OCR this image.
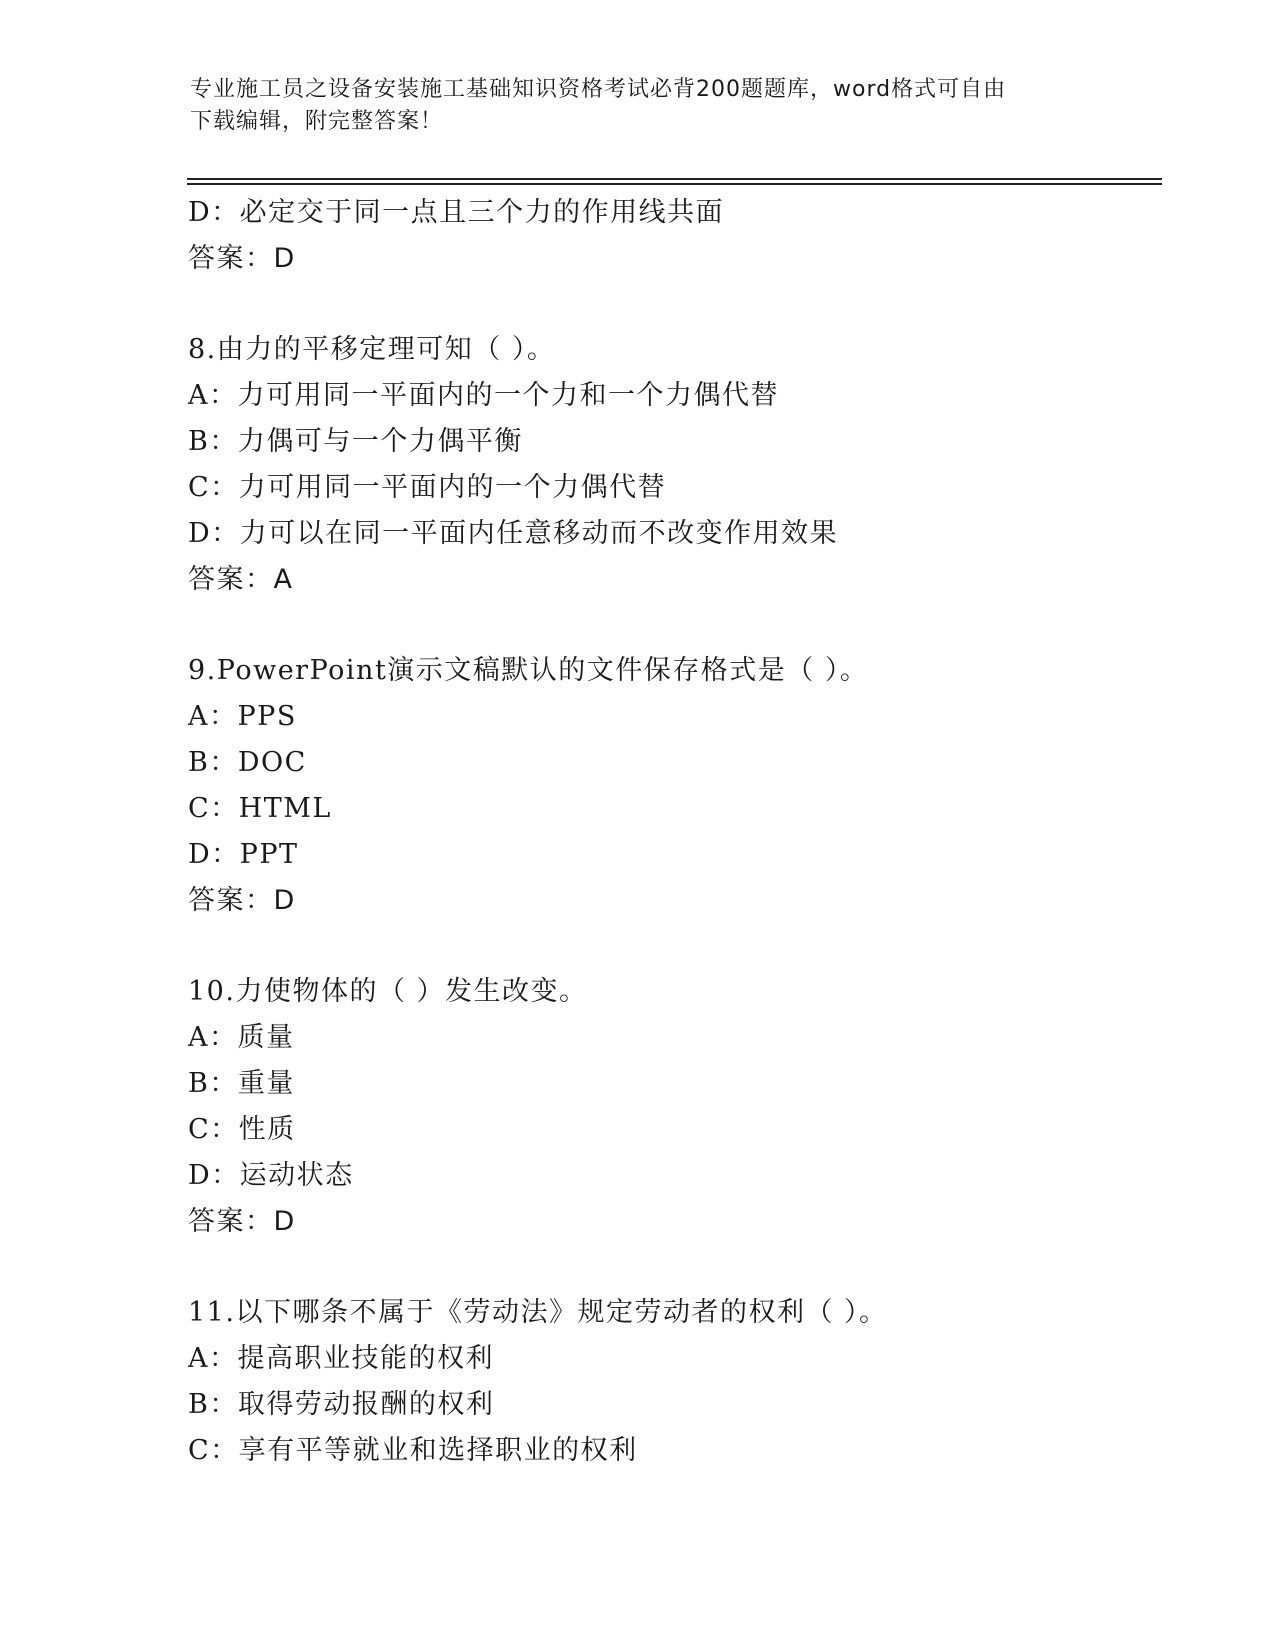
专业施工员之设备安装施工基础知识资格考试必背200题题库，word格式可自由
下载编辑，附完整答案！
D：必定交于同一点且三个力的作用线共面
答案：D
8.由力的平移定理可知（ ）。
A：力可用同一平面内的一个力和一个力偶代替
B：力偶可与一个力偶平衡
C：力可用同一平面内的一个力偶代替
D：力可以在同一平面内任意移动而不改变作用效果
答案：A
9.PowerPoint演示文稿默认的文件保存格式是（ ）。
A：PPS
B：DOC
C：HTML
D：PPT
答案：D
10.力使物体的（ ）发生改变。
A：质量
B：重量
C：性质
D：运动状态
答案：D
11.以下哪条不属于《劳动法》规定劳动者的权利（ ）。
A：提高职业技能的权利
B：取得劳动报酬的权利
C：享有平等就业和选择职业的权利
